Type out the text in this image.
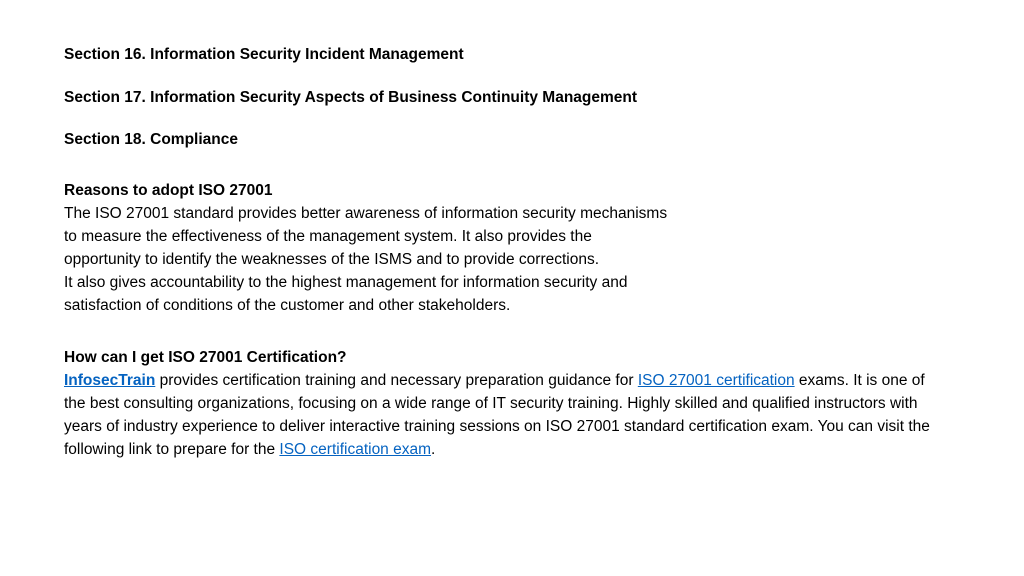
Section 16. Information Security Incident Management
Section 17. Information Security Aspects of Business Continuity Management
Section 18. Compliance

Reasons to adopt ISO 27001

The ISO 27001 standard provides better awareness of information security mechanisms

to measure the effectiveness of the management system. It also provides the

opportunity to identify the weaknesses of the ISMS and to provide corrections.

It also gives accountability to the highest management for information security and

satisfaction of conditions of the customer and other stakeholders.

How can I get ISO 27001 Certification?

InfosecTrain provides certification training and necessary preparation guidance for ISO 27001 certification exams. It is one of the best consulting organizations, focusing on a wide range of IT security training. Highly skilled and qualified instructors with years of industry experience to deliver interactive training sessions on ISO 27001 standard certification exam. You can visit the following link to prepare for the ISO certification exam.
